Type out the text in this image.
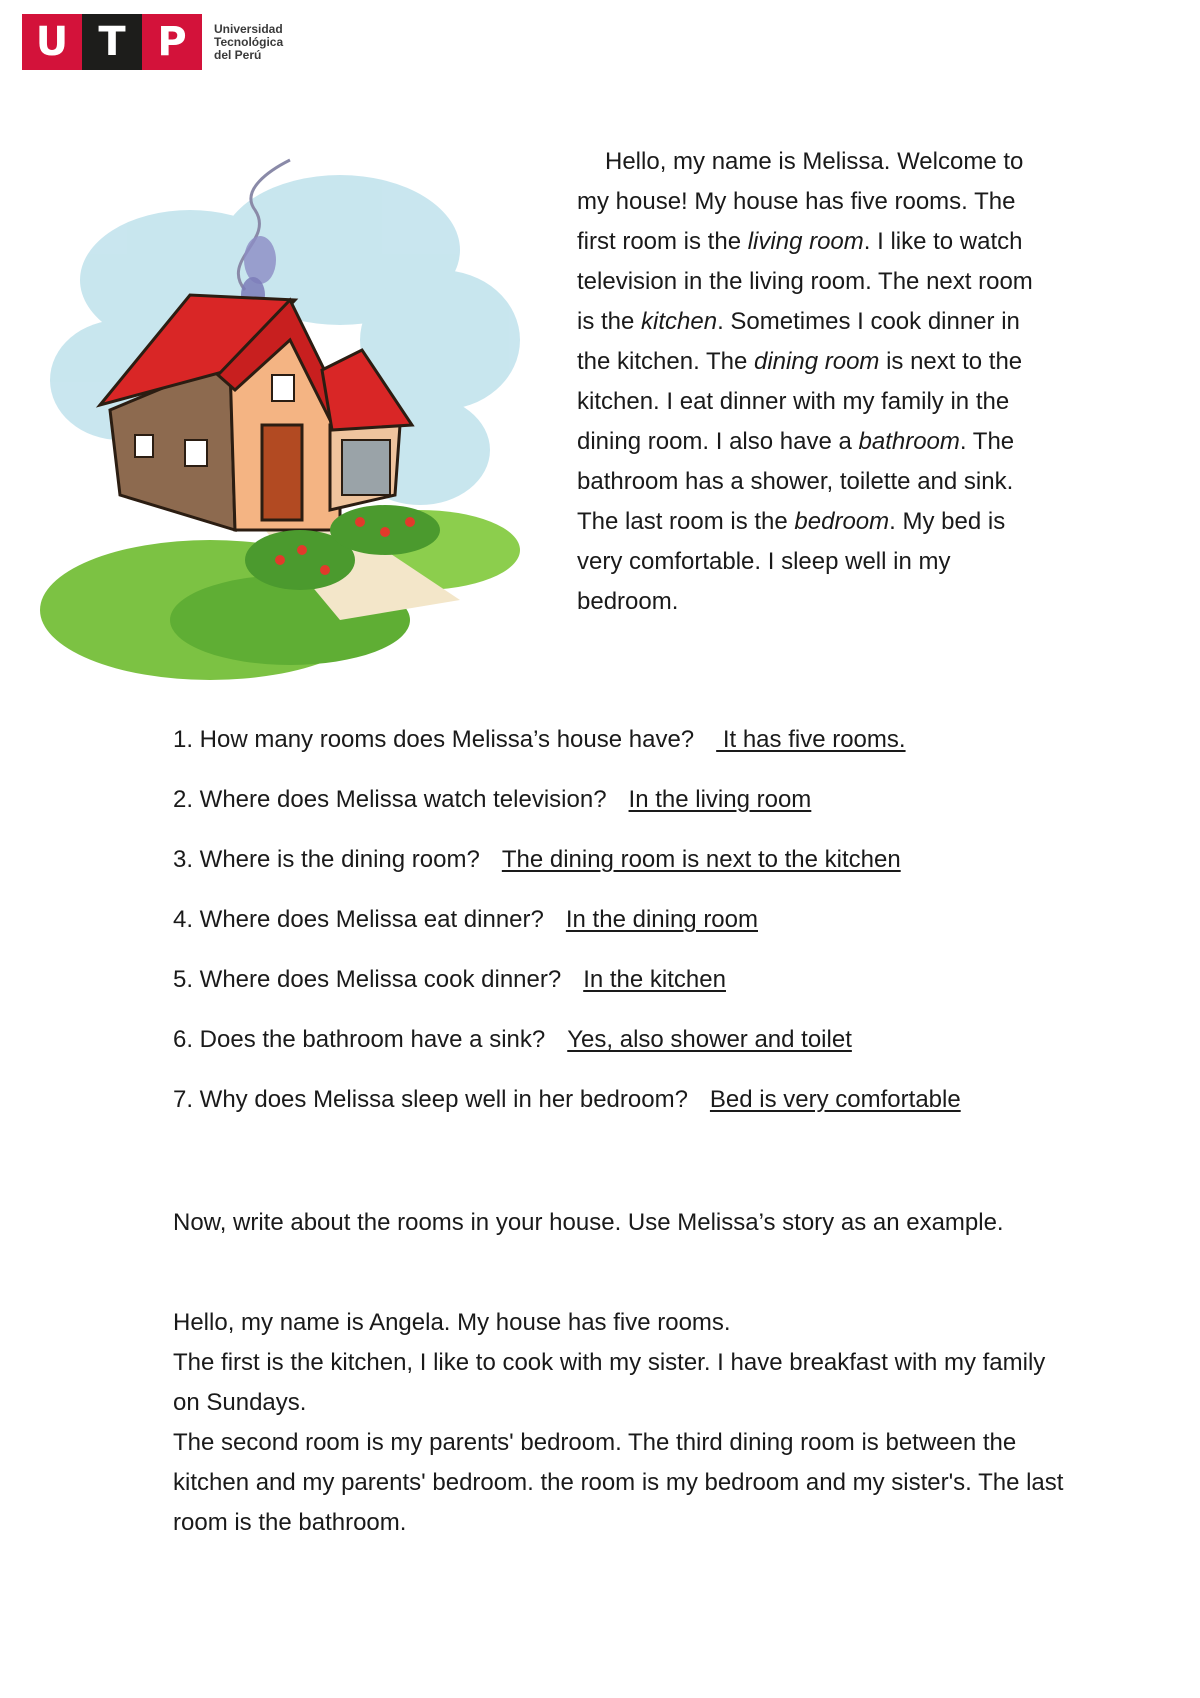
U T P	Universidad
Tecnológica
del Perú

Hello, my name is Melissa. Welcome to my house! My house has five rooms. The first room is the living room. I like to watch television in the living room. The next room is the kitchen. Sometimes I cook dinner in the kitchen. The dining room is next to the kitchen. I eat dinner with my family in the dining room. I also have a bathroom. The bathroom has a shower, toilette and sink. The last room is the bedroom. My bed is very comfortable. I sleep well in my bedroom.

1. How many rooms does Melissa’s house have? It has five rooms.
2. Where does Melissa watch television? In the living room
3. Where is the dining room? The dining room is next to the kitchen
4. Where does Melissa eat dinner? In the dining room
5. Where does Melissa cook dinner? In the kitchen
6. Does the bathroom have a sink? Yes, also shower and toilet
7. Why does Melissa sleep well in her bedroom? Bed is very comfortable

Now, write about the rooms in your house. Use Melissa’s story as an example.

Hello, my name is Angela. My house has five rooms.

The first is the kitchen, I like to cook with my sister. I have breakfast with my family on Sundays.

The second room is my parents' bedroom. The third dining room is between the kitchen and my parents' bedroom. the room is my bedroom and my sister's. The last room is the bathroom.
